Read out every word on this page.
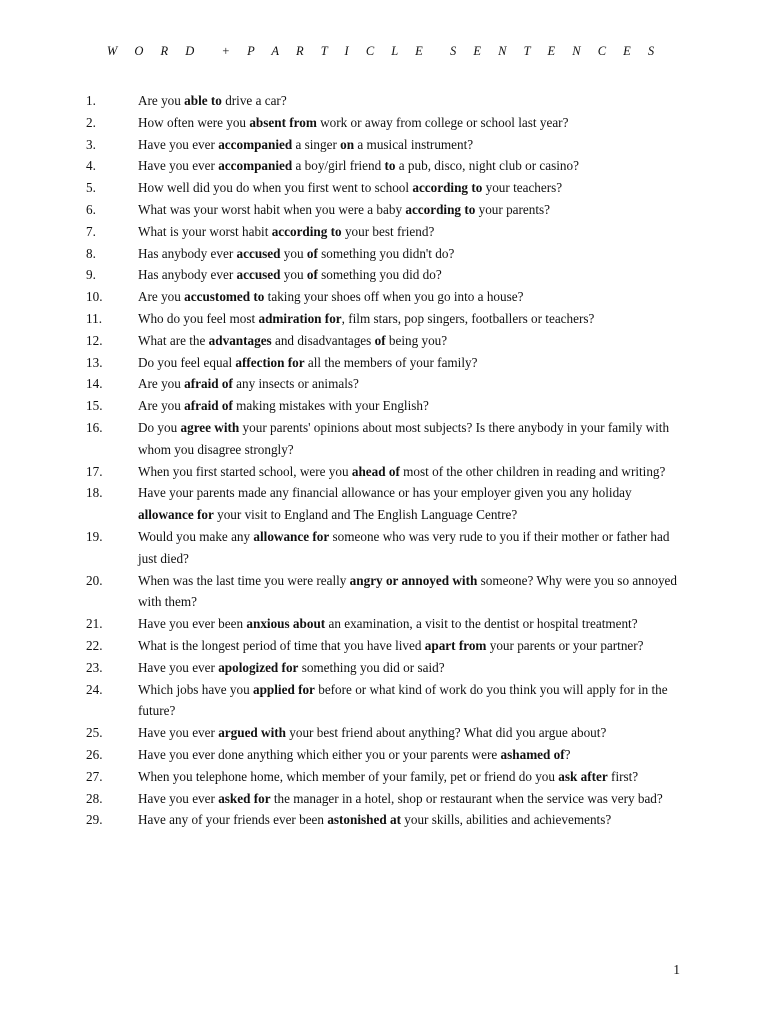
W O R D  + P A R T I C L E  S E N T E N C E S
1.	Are you able to drive a car?
2.	How often were you absent from work or away from college or school last year?
3.	Have you ever accompanied a singer on a musical instrument?
4.	Have you ever accompanied a boy/girl friend to a pub, disco, night club or casino?
5.	How well did you do when you first went to school according to your teachers?
6.	What was your worst habit when you were a baby according to your parents?
7.	What is your worst habit according to your best friend?
8.	Has anybody ever accused you of something you didn't do?
9.	Has anybody ever accused you of something you did do?
10.	Are you accustomed to taking your shoes off when you go into a house?
11.	Who do you feel most admiration for, film stars, pop singers, footballers or teachers?
12.	What are the advantages and disadvantages of being you?
13.	Do you feel equal affection for all the members of your family?
14.	Are you afraid of any insects or animals?
15.	Are you afraid of making mistakes with your English?
16.	Do you agree with your parents' opinions about most subjects? Is there anybody in your family with whom you disagree strongly?
17.	When you first started school, were you ahead of most of the other children in reading and writing?
18.	Have your parents made any financial allowance or has your employer given you any holiday allowance for your visit to England and The English Language Centre?
19.	Would you make any allowance for someone who was very rude to you if their mother or father had just died?
20.	When was the last time you were really angry or annoyed with someone? Why were you so annoyed with them?
21.	Have you ever been anxious about an examination, a visit to the dentist or hospital treatment?
22.	What is the longest period of time that you have lived apart from your parents or your partner?
23.	Have you ever apologized for something you did or said?
24.	Which jobs have you applied for before or what kind of work do you think you will apply for in the future?
25.	Have you ever argued with your best friend about anything? What did you argue about?
26.	Have you ever done anything which either you or your parents were ashamed of?
27.	When you telephone home, which member of your family, pet or friend do you ask after first?
28.	Have you ever asked for the manager in a hotel, shop or restaurant when the service was very bad?
29.	Have any of your friends ever been astonished at your skills, abilities and achievements?
1
